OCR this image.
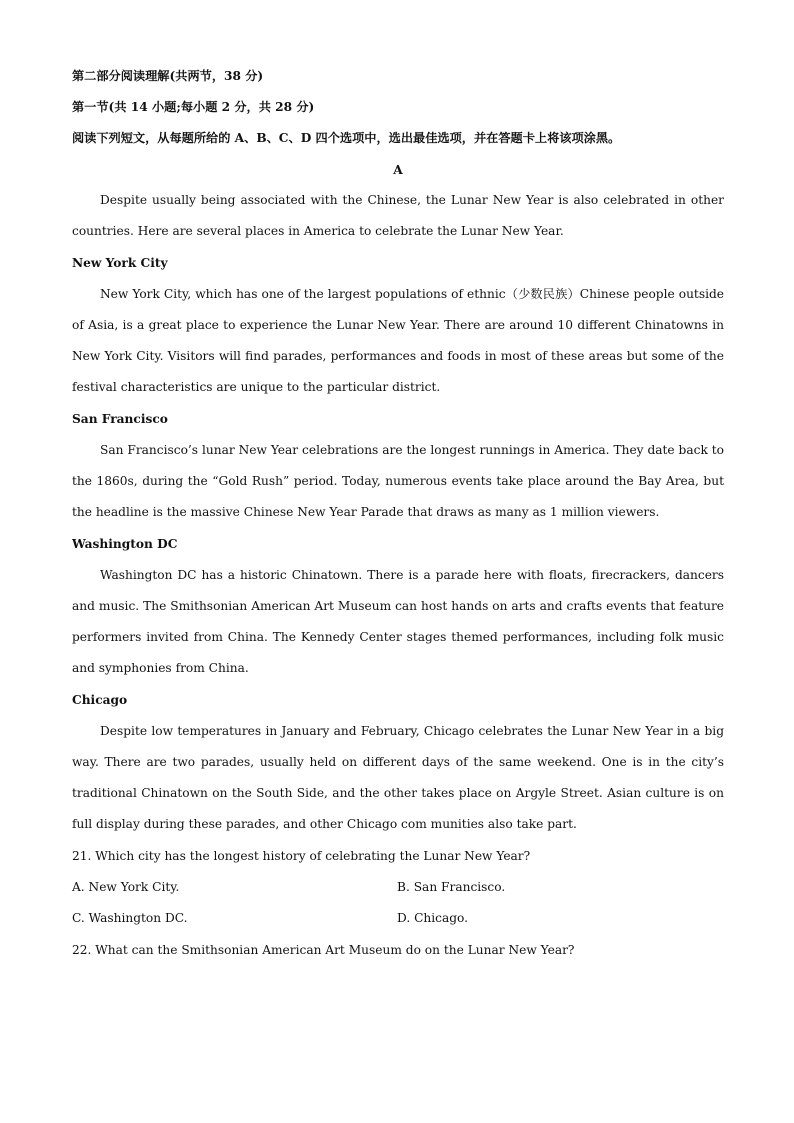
第二部分阅读理解(共两节，38 分)
第一节(共 14 小题;每小题 2 分，共 28 分)
阅读下列短文，从每题所给的 A、B、C、D 四个选项中，选出最佳选项，并在答题卡上将该项涂黑。
A

Despite usually being associated with the Chinese, the Lunar New Year is also celebrated in other countries. Here are several places in America to celebrate the Lunar New Year.

New York City

New York City, which has one of the largest populations of ethnic（少数民族）Chinese people outside of Asia, is a great place to experience the Lunar New Year. There are around 10 different Chinatowns in New York City. Visitors will find parades, performances and foods in most of these areas but some of the festival characteristics are unique to the particular district.

San Francisco

San Francisco’s lunar New Year celebrations are the longest runnings in America. They date back to the 1860s, during the “Gold Rush” period. Today, numerous events take place around the Bay Area, but the headline is the massive Chinese New Year Parade that draws as many as 1 million viewers.

Washington DC

Washington DC has a historic Chinatown. There is a parade here with floats, firecrackers, dancers and music. The Smithsonian American Art Museum can host hands on arts and crafts events that feature performers invited from China. The Kennedy Center stages themed performances, including folk music and symphonies from China.

Chicago

Despite low temperatures in January and February, Chicago celebrates the Lunar New Year in a big way. There are two parades, usually held on different days of the same weekend. One is in the city’s traditional Chinatown on the South Side, and the other takes place on Argyle Street. Asian culture is on full display during these parades, and other Chicago com munities also take part.

21. Which city has the longest history of celebrating the Lunar New Year?
A. New York City.	B. San Francisco.
C. Washington DC.	D. Chicago.
22. What can the Smithsonian American Art Museum do on the Lunar New Year?
